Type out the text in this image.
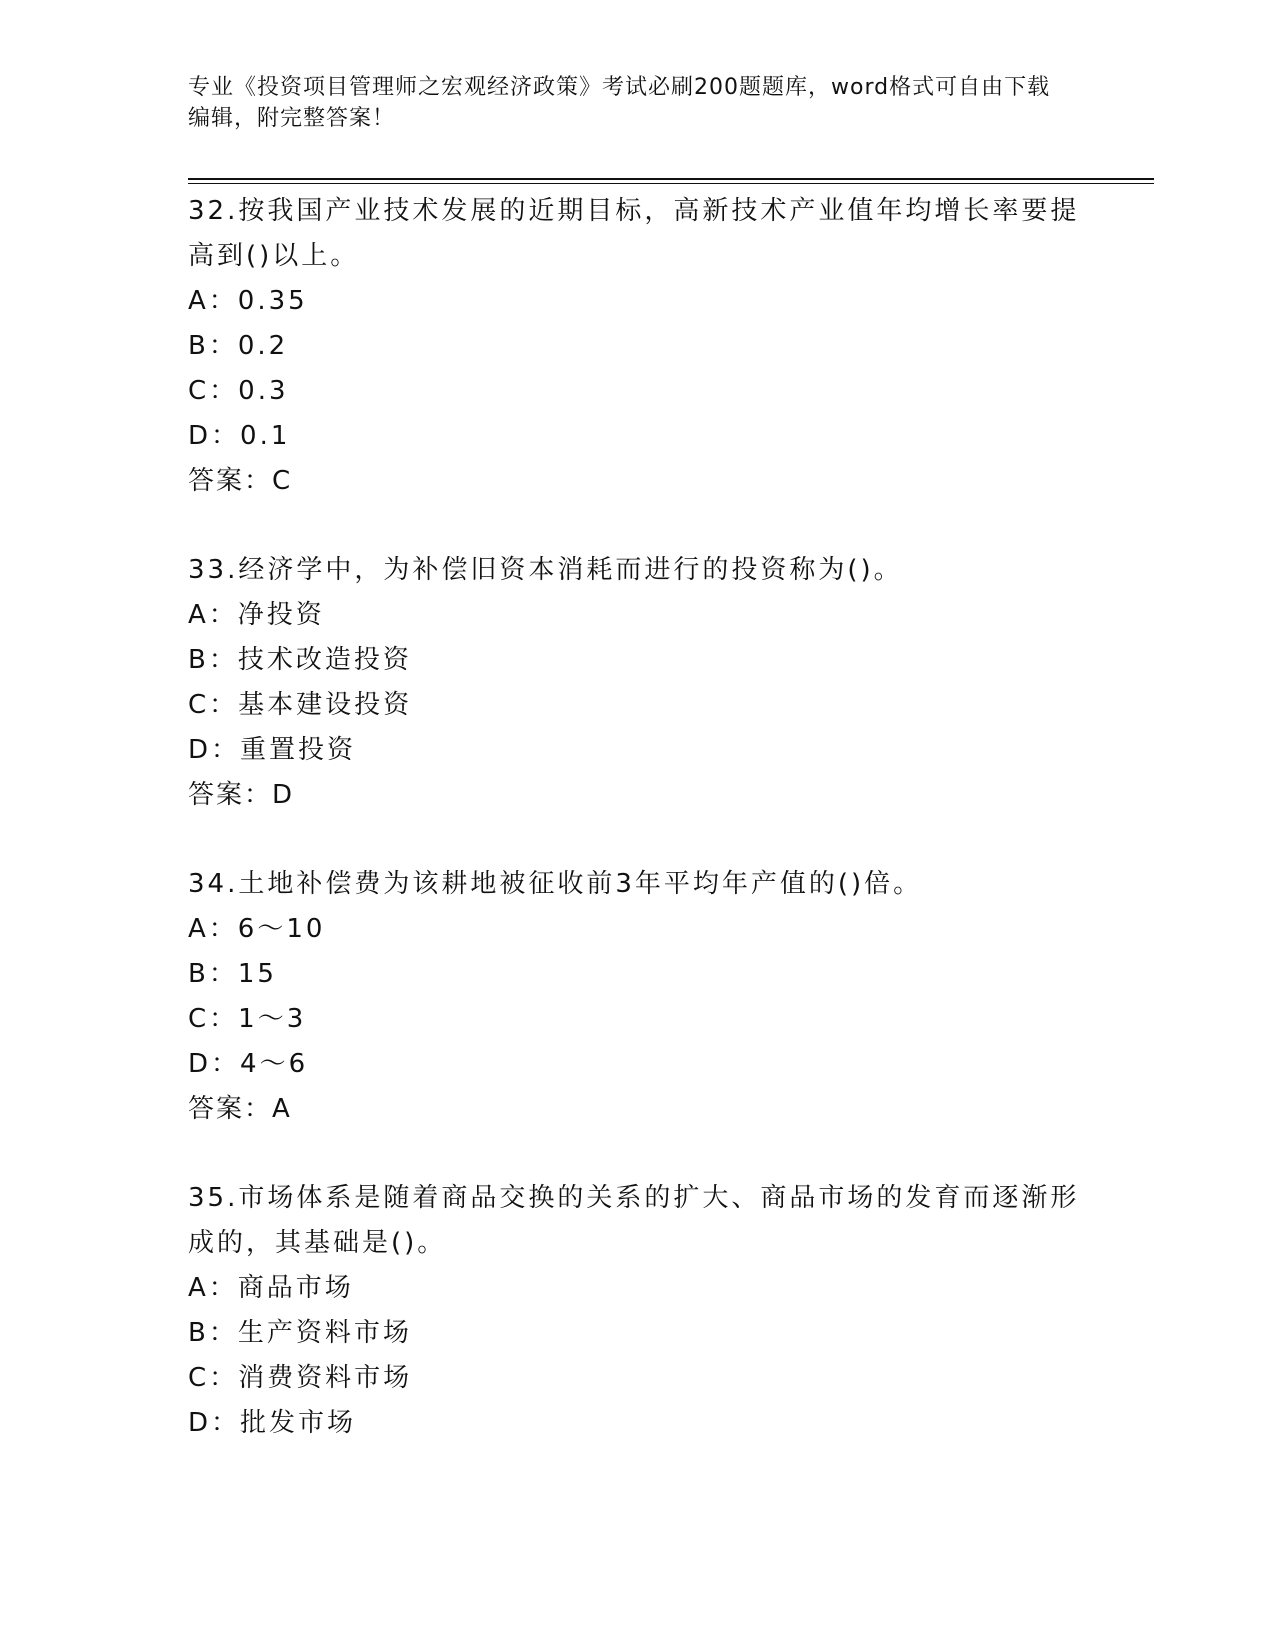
专业《投资项目管理师之宏观经济政策》考试必刷200题题库，word格式可自由下载编辑，附完整答案！

32.按我国产业技术发展的近期目标，高新技术产业值年均增长率要提高到()以上。

A：0.35

B：0.2

C：0.3

D：0.1

答案：C

33.经济学中，为补偿旧资本消耗而进行的投资称为()。

A：净投资

B：技术改造投资

C：基本建设投资

D：重置投资

答案：D

34.土地补偿费为该耕地被征收前3年平均年产值的()倍。

A：6～10

B：15

C：1～3

D：4～6

答案：A

35.市场体系是随着商品交换的关系的扩大、商品市场的发育而逐渐形成的，其基础是()。

A：商品市场

B：生产资料市场

C：消费资料市场

D：批发市场
